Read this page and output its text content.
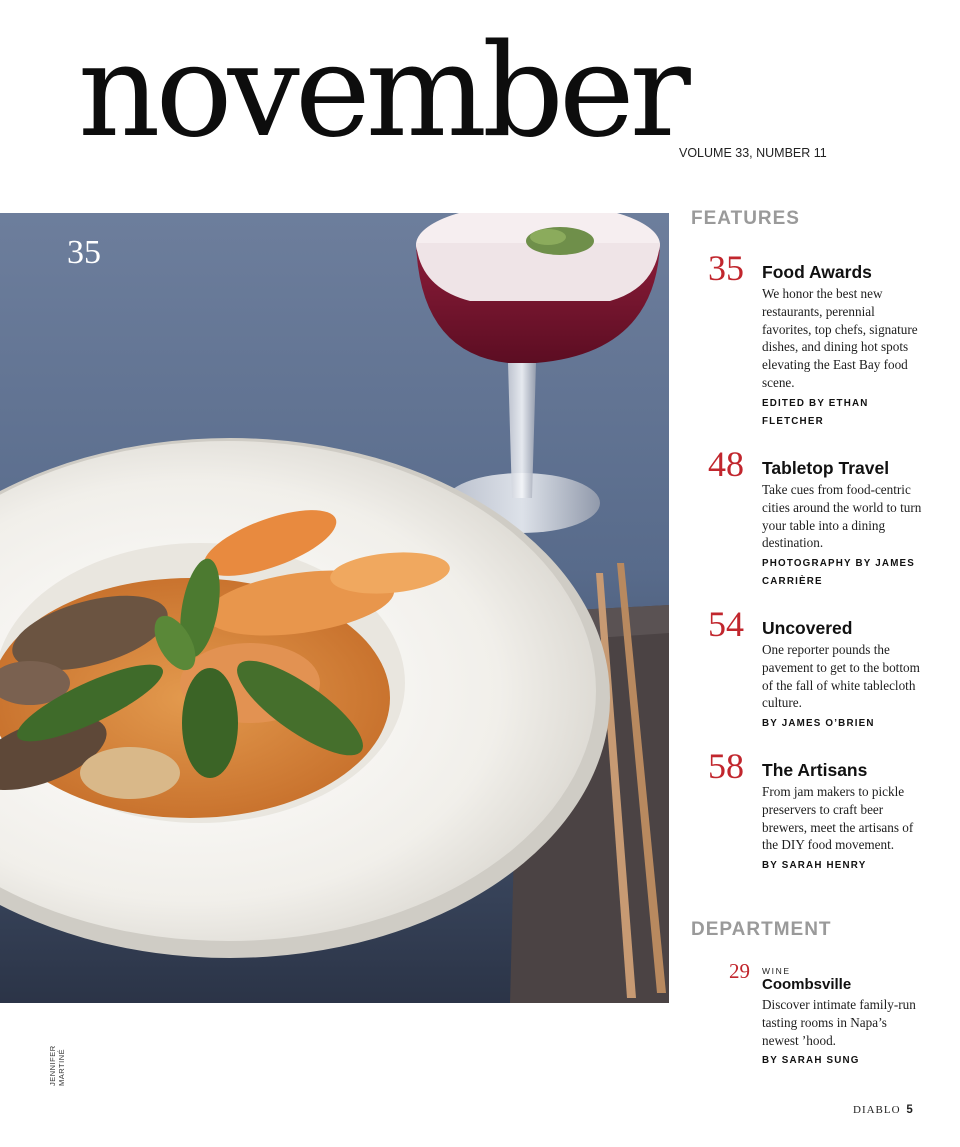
november
VOLUME 33, NUMBER 11
35
JENNIFER MARTINÉ
FEATURES
35 Food Awards
We honor the best new restaurants, perennial favorites, top chefs, signature dishes, and dining hot spots elevating the East Bay food scene.
EDITED BY ETHAN FLETCHER
48 Tabletop Travel
Take cues from food-centric cities around the world to turn your table into a dining destination.
PHOTOGRAPHY BY JAMES CARRIÈRE
54 Uncovered
One reporter pounds the pavement to get to the bottom of the fall of white tablecloth culture.
BY JAMES O’BRIEN
58 The Artisans
From jam makers to pickle preservers to craft beer brewers, meet the artisans of the DIY food movement.
BY SARAH HENRY
DEPARTMENT
29 WINE
Coombsville
Discover intimate family-run tasting rooms in Napa’s newest ’hood.
BY SARAH SUNG
DIABLO 5
